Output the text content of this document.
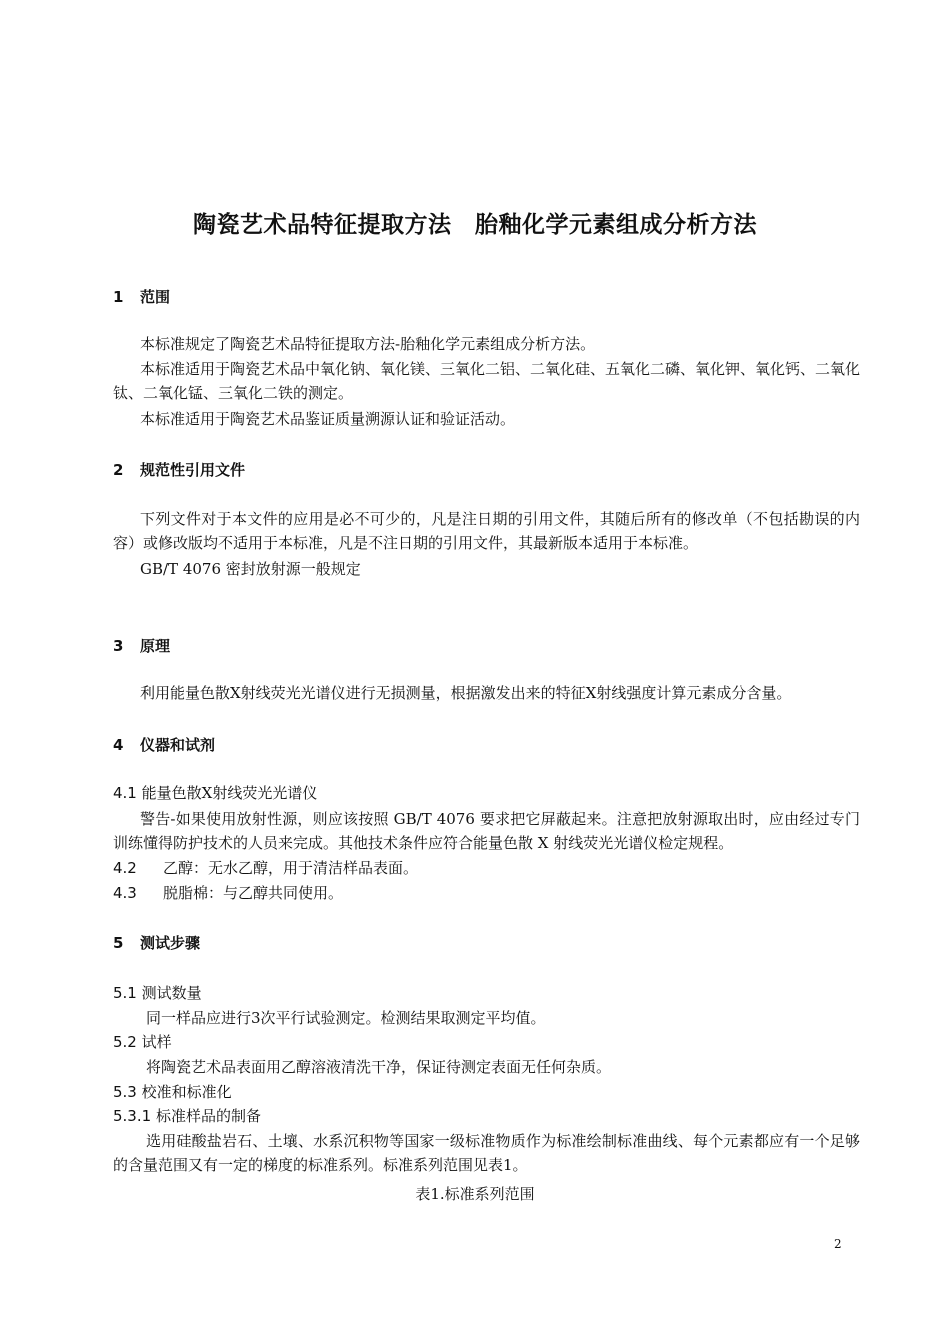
陶瓷艺术品特征提取方法　胎釉化学元素组成分析方法
1 范围
本标准规定了陶瓷艺术品特征提取方法-胎釉化学元素组成分析方法。
本标准适用于陶瓷艺术品中氧化钠、氧化镁、三氧化二铝、二氧化硅、五氧化二磷、氧化钾、氧化钙、二氧化钛、二氧化锰、三氧化二铁的测定。
本标准适用于陶瓷艺术品鉴证质量溯源认证和验证活动。
2 规范性引用文件
下列文件对于本文件的应用是必不可少的，凡是注日期的引用文件，其随后所有的修改单（不包括勘误的内容）或修改版均不适用于本标准，凡是不注日期的引用文件，其最新版本适用于本标准。
GB/T 4076 密封放射源一般规定
3 原理
利用能量色散X射线荧光光谱仪进行无损测量，根据激发出来的特征X射线强度计算元素成分含量。
4 仪器和试剂
4.1 能量色散X射线荧光光谱仪
警告-如果使用放射性源，则应该按照 GB/T 4076 要求把它屏蔽起来。注意把放射源取出时，应由经过专门训练懂得防护技术的人员来完成。其他技术条件应符合能量色散 X 射线荧光光谱仪检定规程。
4.2 乙醇：无水乙醇，用于清洁样品表面。
4.3 脱脂棉：与乙醇共同使用。
5 测试步骤
5.1 测试数量
同一样品应进行3次平行试验测定。检测结果取测定平均值。
5.2 试样
将陶瓷艺术品表面用乙醇溶液清洗干净，保证待测定表面无任何杂质。
5.3 校准和标准化
5.3.1 标准样品的制备
选用硅酸盐岩石、土壤、水系沉积物等国家一级标准物质作为标准绘制标准曲线、每个元素都应有一个足够的含量范围又有一定的梯度的标准系列。标准系列范围见表1。
表1.标准系列范围
2
